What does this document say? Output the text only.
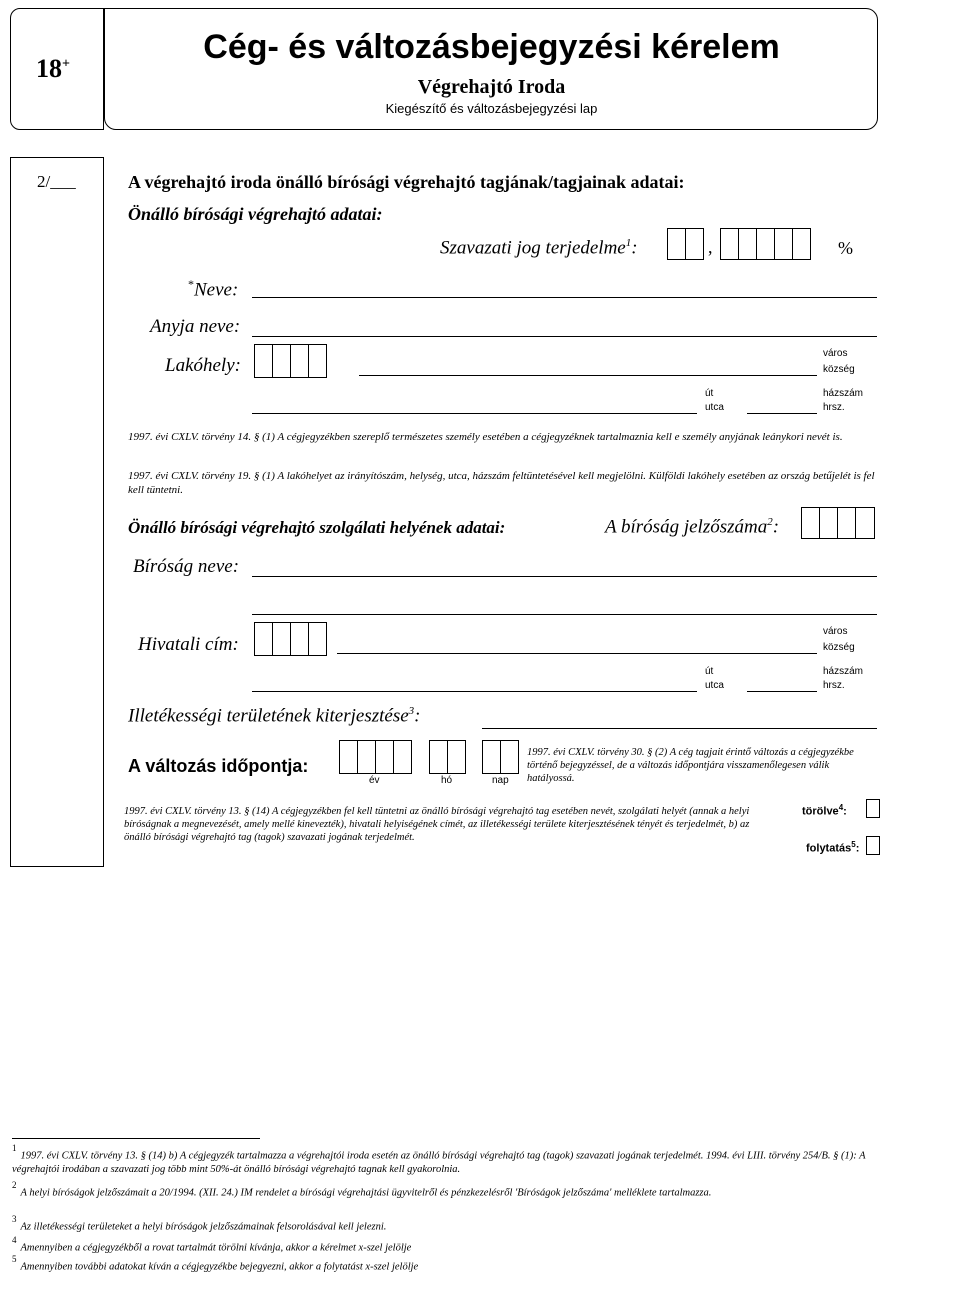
18+	Cég- és változásbejegyzési kérelem
Végrehajtó Iroda
Kiegészítő és változásbejegyzési lap
2/___	A végrehajtó iroda önálló bírósági végrehajtó tagjának/tagjainak adatai:
Önálló bírósági végrehajtó adatai:
Szavazati jog terjedelme$^1$:	,	%
*Neve:
Anyja neve:
Lakóhely:
város
község
út
utca
házszám
hrsz.
1997. évi CXLV. törvény 14. § (1) A cégjegyzékben szereplő természetes személy esetében a cégjegyzéknek tartalmaznia kell e személy anyjának leánykori nevét is.
1997. évi CXLV. törvény 19. § (1) A lakóhelyet az irányítószám, helység, utca, házszám feltüntetésével kell megjelölni. Külföldi lakóhely esetében az ország betűjelét is fel kell tüntetni.
Önálló bírósági végrehajtó szolgálati helyének adatai:	A bíróság jelzőszáma$^2$:
Bíróság neve:
Hivatali cím:
város
község
út
utca
házszám
hrsz.
Illetékességi területének kiterjesztése$^3$:
A változás időpontja:
év	hó	nap
1997. évi CXLV. törvény 30. § (2) A cég tagjait érintő változás a cégjegyzékbe történő bejegyzéssel, de a változás időpontjára visszamenőlegesen válik hatályossá.
1997. évi CXLV. törvény 13. § (14) A cégjegyzékben fel kell tüntetni az önálló bírósági végrehajtó tag esetében nevét, szolgálati helyét (annak a helyi bíróságnak a megnevezését, amely mellé kinevezték), hivatali helyiségének címét, az illetékességi területe kiterjesztésének tényét és terjedelmét, b) az önálló bírósági végrehajtó tag (tagok) szavazati jogának terjedelmét.
törölve$^4$:
folytatás$^5$:
$^1$1997. évi CXLV. törvény 13. § (14) b) A cégjegyzék tartalmazza a végrehajtói iroda esetén az önálló bírósági végrehajtó tag (tagok) szavazati jogának terjedelmét. 1994. évi LIII. törvény 254/B. § (1): A végrehajtói irodában a szavazati jog több mint 50%-át önálló bírósági végrehajtó tagnak kell gyakorolnia.
$^2$A helyi bíróságok jelzőszámait a 20/1994. (XII. 24.) IM rendelet a bírósági végrehajtási ügyvitelről és pénzkezelésről 'Bíróságok jelzőszáma' melléklete tartalmazza.
$^3$Az illetékességi területeket a helyi bíróságok jelzőszámainak felsorolásával kell jelezni.
$^4$Amennyiben a cégjegyzékből a rovat tartalmát törölni kívánja, akkor a kérelmet x-szel jelölje
$^5$Amennyiben további adatokat kíván a cégjegyzékbe bejegyezni, akkor a folytatást x-szel jelölje
